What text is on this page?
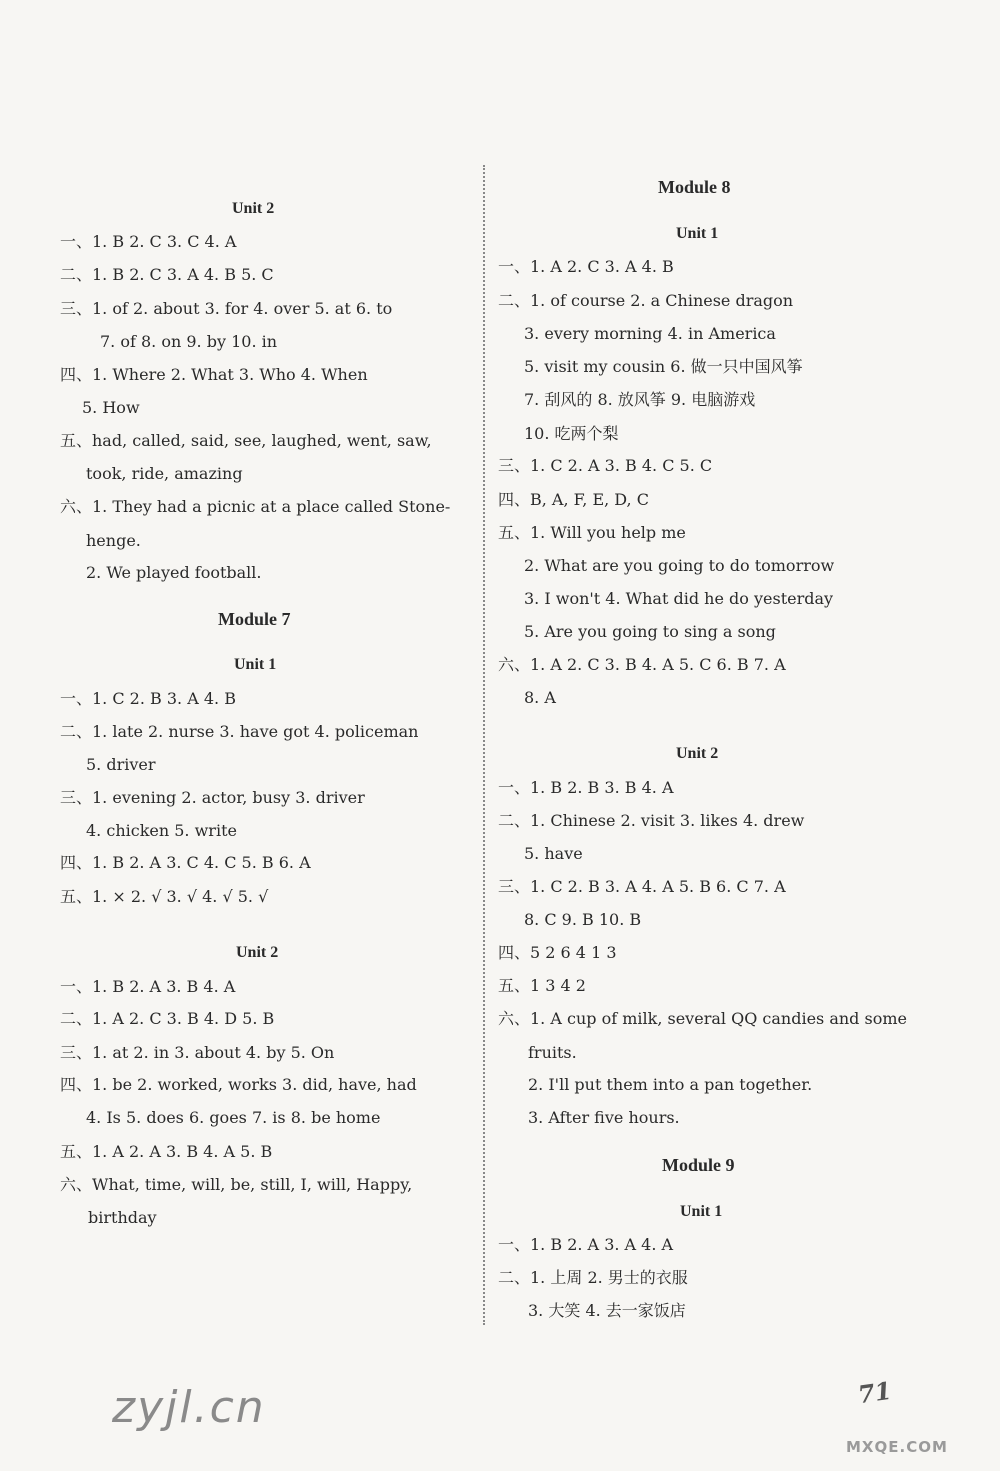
Unit 2
一、1. B 2. C 3. C 4. A
二、1. B 2. C 3. A 4. B 5. C
三、1. of 2. about 3. for 4. over 5. at 6. to
7. of 8. on 9. by 10. in
四、1. Where 2. What 3. Who 4. When
5. How
五、had, called, said, see, laughed, went, saw,
took, ride, amazing
六、1. They had a picnic at a place called Stone-
henge.
2. We played football.
Module 7
Unit 1
一、1. C 2. B 3. A 4. B
二、1. late 2. nurse 3. have got 4. policeman
5. driver
三、1. evening 2. actor, busy 3. driver
4. chicken 5. write
四、1. B 2. A 3. C 4. C 5. B 6. A
五、1. × 2. √ 3. √ 4. √ 5. √
Unit 2
一、1. B 2. A 3. B 4. A
二、1. A 2. C 3. B 4. D 5. B
三、1. at 2. in 3. about 4. by 5. On
四、1. be 2. worked, works 3. did, have, had
4. Is 5. does 6. goes 7. is 8. be home
五、1. A 2. A 3. B 4. A 5. B
六、What, time, will, be, still, I, will, Happy,
birthday
Module 8
Unit 1
一、1. A 2. C 3. A 4. B
二、1. of course 2. a Chinese dragon
3. every morning 4. in America
5. visit my cousin 6. 做一只中国风筝
7. 刮风的 8. 放风筝 9. 电脑游戏
10. 吃两个梨
三、1. C 2. A 3. B 4. C 5. C
四、B, A, F, E, D, C
五、1. Will you help me
2. What are you going to do tomorrow
3. I won't 4. What did he do yesterday
5. Are you going to sing a song
六、1. A 2. C 3. B 4. A 5. C 6. B 7. A
8. A
Unit 2
一、1. B 2. B 3. B 4. A
二、1. Chinese 2. visit 3. likes 4. drew
5. have
三、1. C 2. B 3. A 4. A 5. B 6. C 7. A
8. C 9. B 10. B
四、5 2 6 4 1 3
五、1 3 4 2
六、1. A cup of milk, several QQ candies and some
fruits.
2. I'll put them into a pan together.
3. After five hours.
Module 9
Unit 1
一、1. B 2. A 3. A 4. A
二、1. 上周 2. 男士的衣服
3. 大笑 4. 去一家饭店
71
zyjl.cn
MXQE.COM
